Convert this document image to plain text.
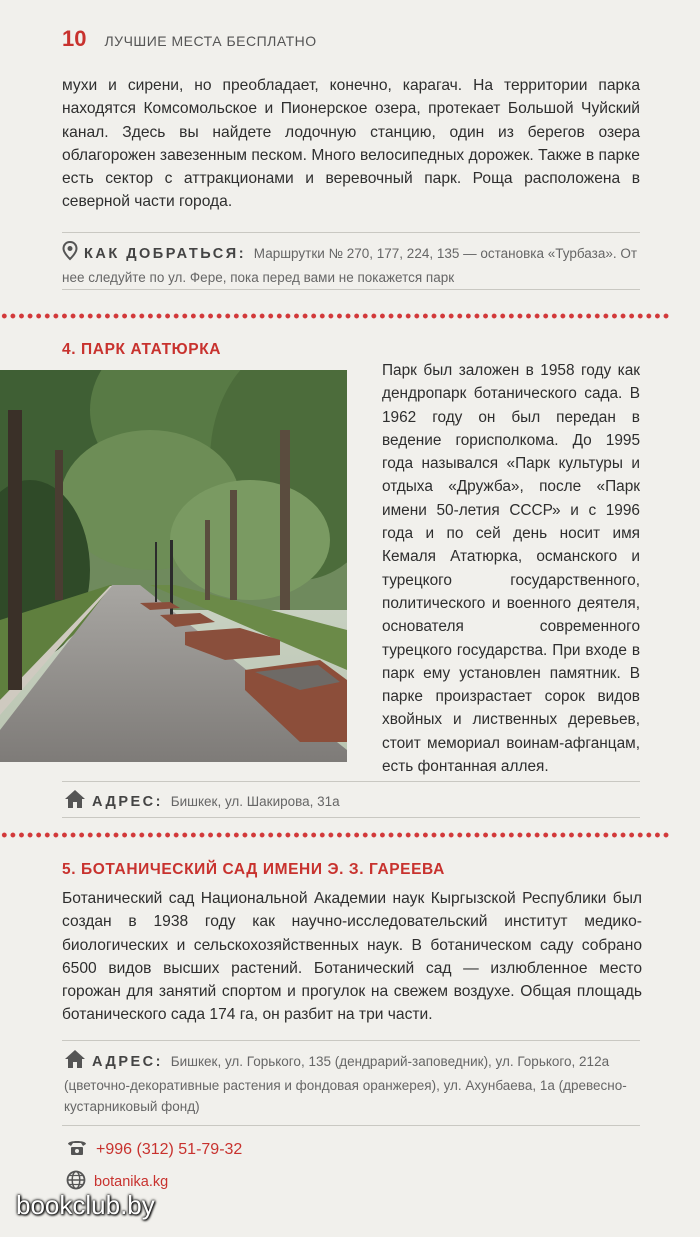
10 ЛУЧШИЕ МЕСТА БЕСПЛАТНО
мухи и сирени, но преобладает, конечно, карагач. На территории парка находятся Комсомольское и Пионерское озера, протекает Большой Чуйский канал. Здесь вы найдете лодочную станцию, один из берегов озера облагорожен завезенным песком. Много велосипедных дорожек. Также в парке есть сектор с аттракционами и веревочный парк. Роща расположена в северной части города.
КАК ДОБРАТЬСЯ: Маршрутки № 270, 177, 224, 135 — остановка «Турбаза». От нее следуйте по ул. Фере, пока перед вами не покажется парк
4. ПАРК АТАТЮРКА
Парк был заложен в 1958 году как дендропарк ботанического сада. В 1962 году он был передан в ведение горисполкома. До 1995 года назывался «Парк культуры и отдыха «Дружба», после «Парк имени 50-летия СССР» и с 1996 года и по сей день носит имя Кемаля Ататюрка, османского и турецкого государственного, политического и военного деятеля, основателя современного турецкого государства. При входе в парк ему установлен памятник. В парке произрастает сорок видов хвойных и лиственных деревьев, стоит мемориал воинам-афганцам, есть фонтанная аллея.
АДРЕС: Бишкек, ул. Шакирова, 31а
5. БОТАНИЧЕСКИЙ САД ИМЕНИ Э. З. ГАРЕЕВА
Ботанический сад Национальной Академии наук Кыргызской Республики был создан в 1938 году как научно-исследовательский институт медико-биологических и сельскохозяйственных наук. В ботаническом саду собрано 6500 видов высших растений. Ботанический сад — излюбленное место горожан для занятий спортом и прогулок на свежем воздухе. Общая площадь ботанического сада 174 га, он разбит на три части.
АДРЕС: Бишкек, ул. Горького, 135 (дендрарий-заповедник), ул. Горького, 212а (цветочно-декоративные растения и фондовая оранжерея), ул. Ахунбаева, 1а (древесно-кустарниковый фонд)
+996 (312) 51-79-32
botanika.kg
bookclub.by
